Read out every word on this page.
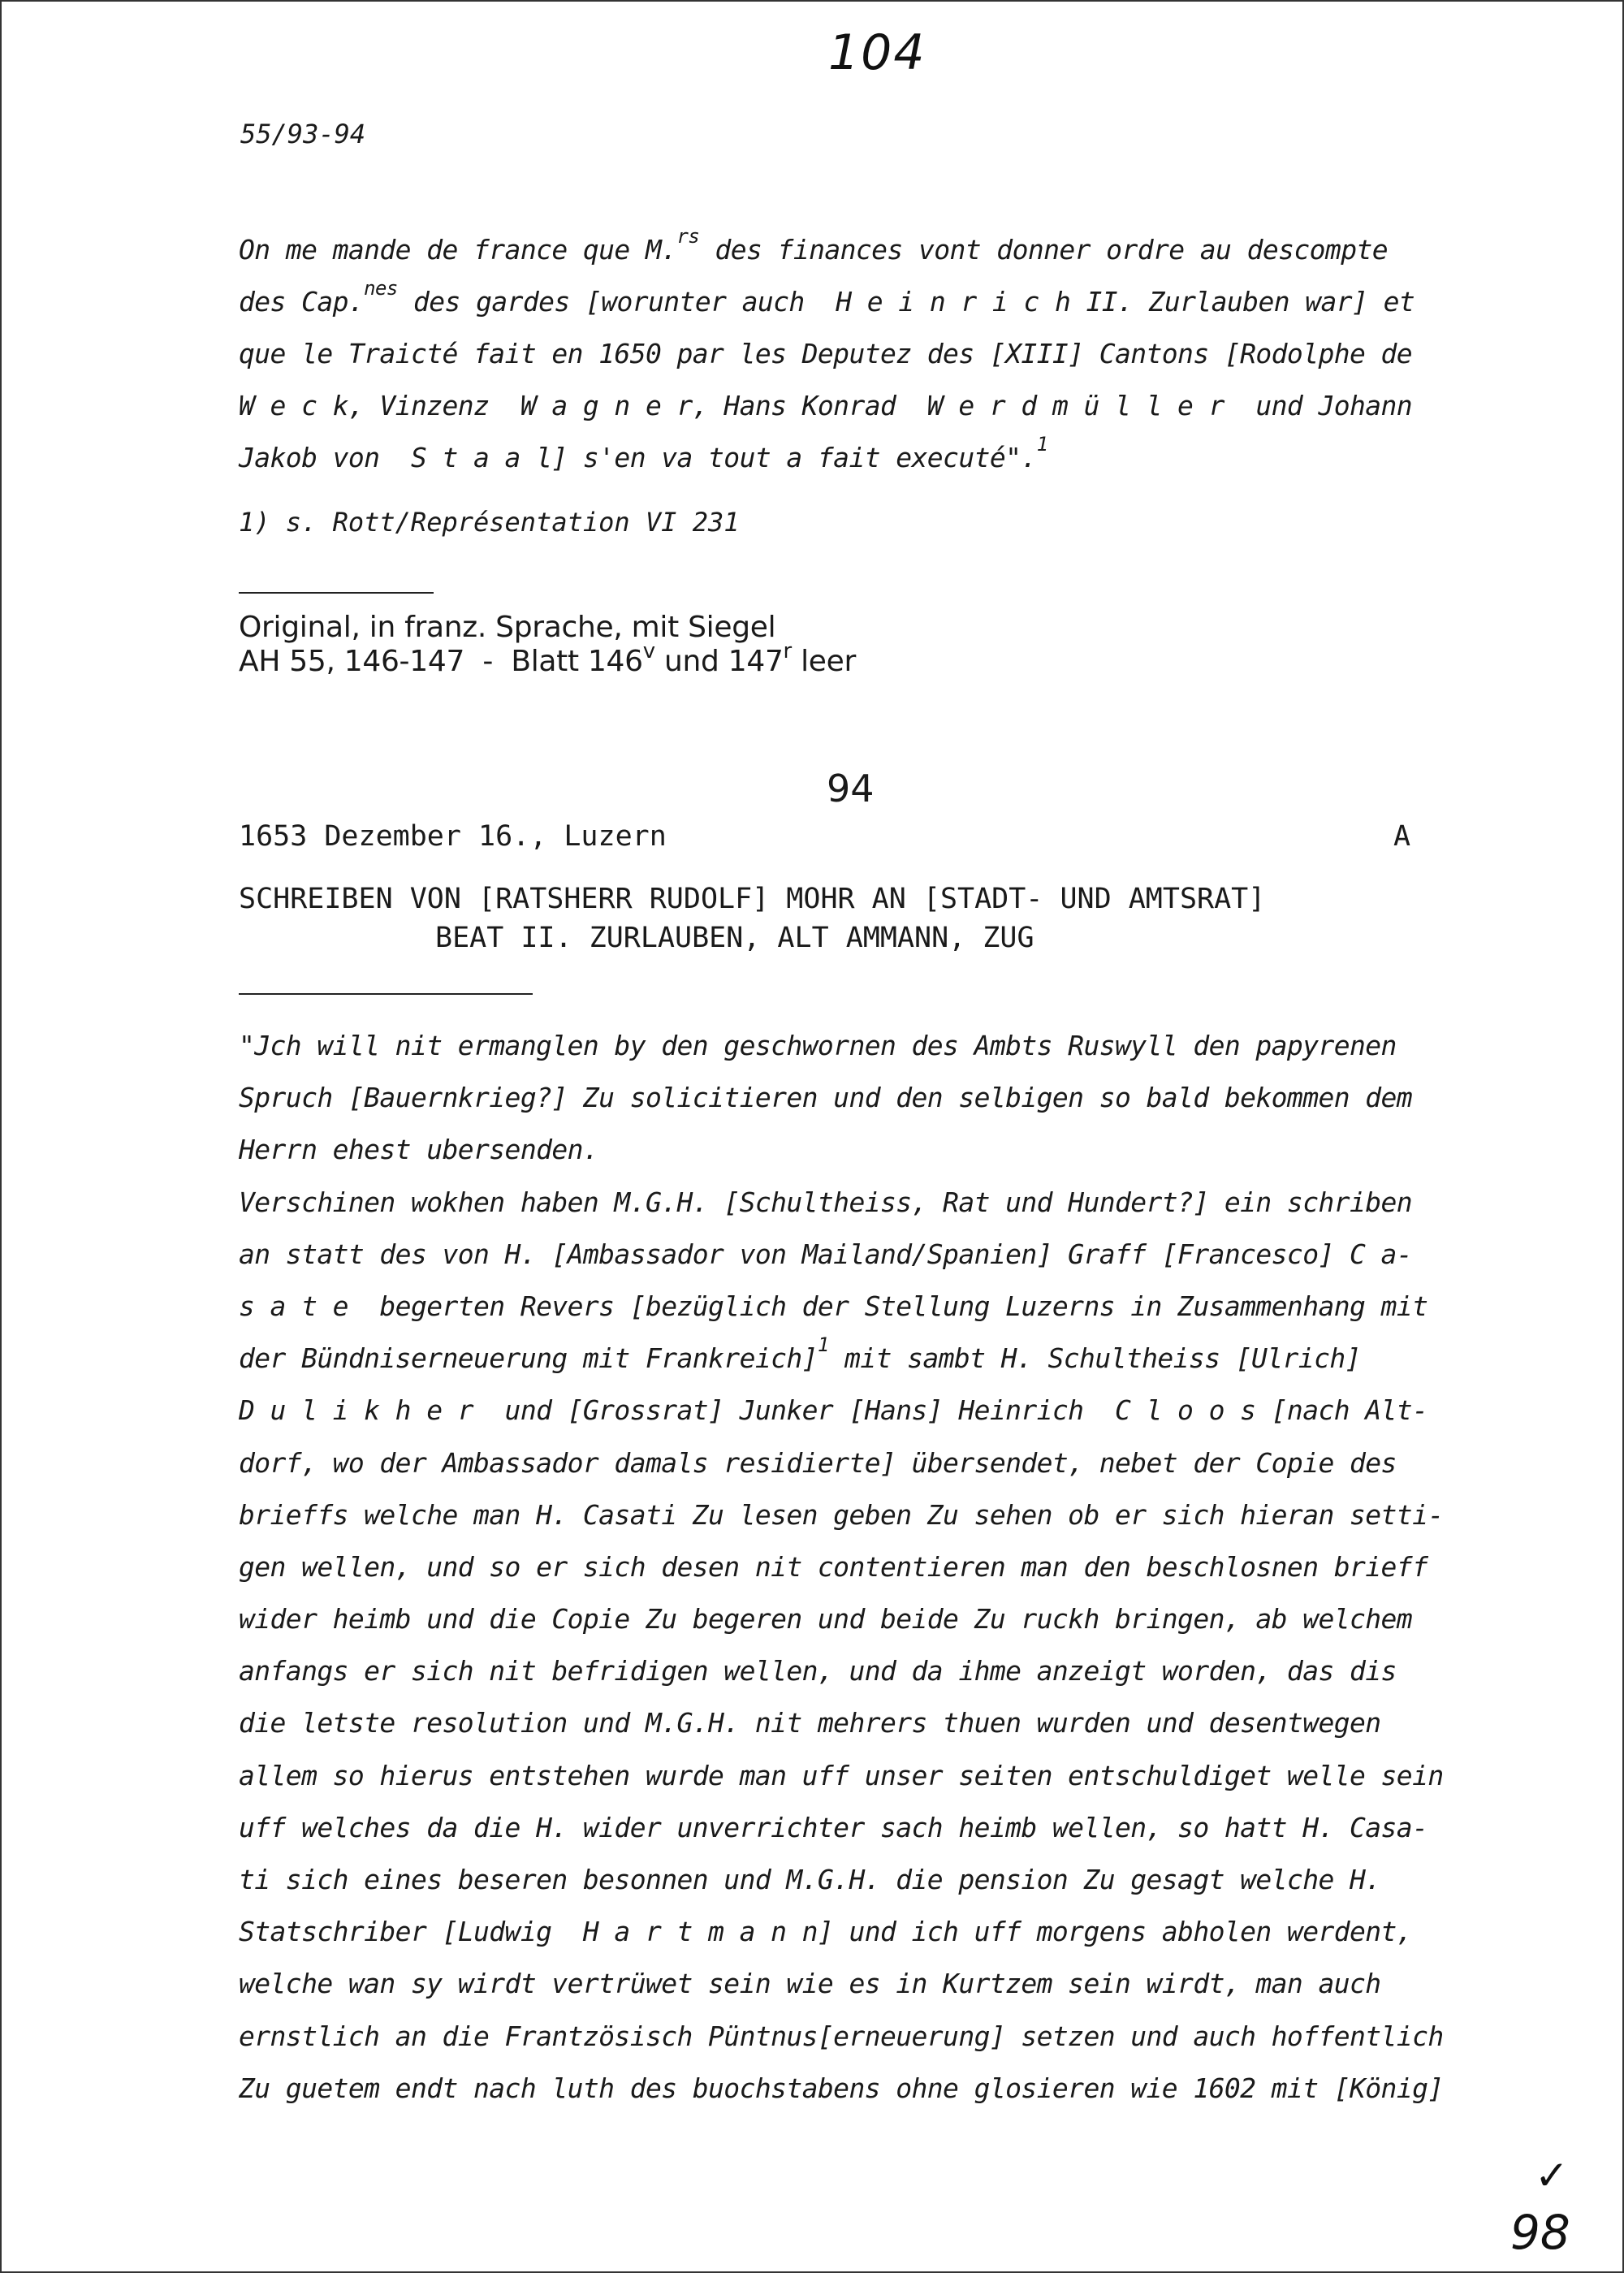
104
55/93-94
On me mande de france que M.$^{rs}$ des finances vont donner ordre au descompte
des Cap.$^{nes}$ des gardes [worunter auch  H e i n r i c h II. Zurlauben war] et
que le Traicté fait en 1650 par les Deputez des [XIII] Cantons [Rodolphe de
W e c k, Vinzenz  W a g n e r, Hans Konrad  W e r d m ü l l e r  und Johann
Jakob von  S t a a l] s'en va tout a fait executé".$^1$
1) s. Rott/Représentation VI 231
Original, in franz. Sprache, mit Siegel
AH 55, 146-147  -  Blatt 146$^v$ und 147$^r$ leer
94
1653 Dezember 16., Luzern	A
SCHREIBEN VON [RATSHERR RUDOLF] MOHR AN [STADT- UND AMTSRAT]
BEAT II. ZURLAUBEN, ALT AMMANN, ZUG
"Jch will nit ermanglen by den geschwornen des Ambts Ruswyll den papyrenen
Spruch [Bauernkrieg?] Zu solicitieren und den selbigen so bald bekommen dem
Herrn ehest ubersenden.
Verschinen wokhen haben M.G.H. [Schultheiss, Rat und Hundert?] ein schriben
an statt des von H. [Ambassador von Mailand/Spanien] Graff [Francesco] C a-
s a t e  begerten Revers [bezüglich der Stellung Luzerns in Zusammenhang mit
der Bündniserneuerung mit Frankreich]$^1$ mit sambt H. Schultheiss [Ulrich]
D u l i k h e r  und [Grossrat] Junker [Hans] Heinrich  C l o o s [nach Alt-
dorf, wo der Ambassador damals residierte] übersendet, nebet der Copie des
brieffs welche man H. Casati Zu lesen geben Zu sehen ob er sich hieran setti-
gen wellen, und so er sich desen nit contentieren man den beschlosnen brieff
wider heimb und die Copie Zu begeren und beide Zu ruckh bringen, ab welchem
anfangs er sich nit befridigen wellen, und da ihme anzeigt worden, das dis
die letste resolution und M.G.H. nit mehrers thuen wurden und desentwegen
allem so hierus entstehen wurde man uff unser seiten entschuldiget welle sein
uff welches da die H. wider unverrichter sach heimb wellen, so hatt H. Casa-
ti sich eines beseren besonnen und M.G.H. die pension Zu gesagt welche H.
Statschriber [Ludwig  H a r t m a n n] und ich uff morgens abholen werdent,
welche wan sy wirdt vertrüwet sein wie es in Kurtzem sein wirdt, man auch
ernstlich an die Frantzösisch Püntnus[erneuerung] setzen und auch hoffentlich
Zu guetem endt nach luth des buochstabens ohne glosieren wie 1602 mit [König]
✓
98
